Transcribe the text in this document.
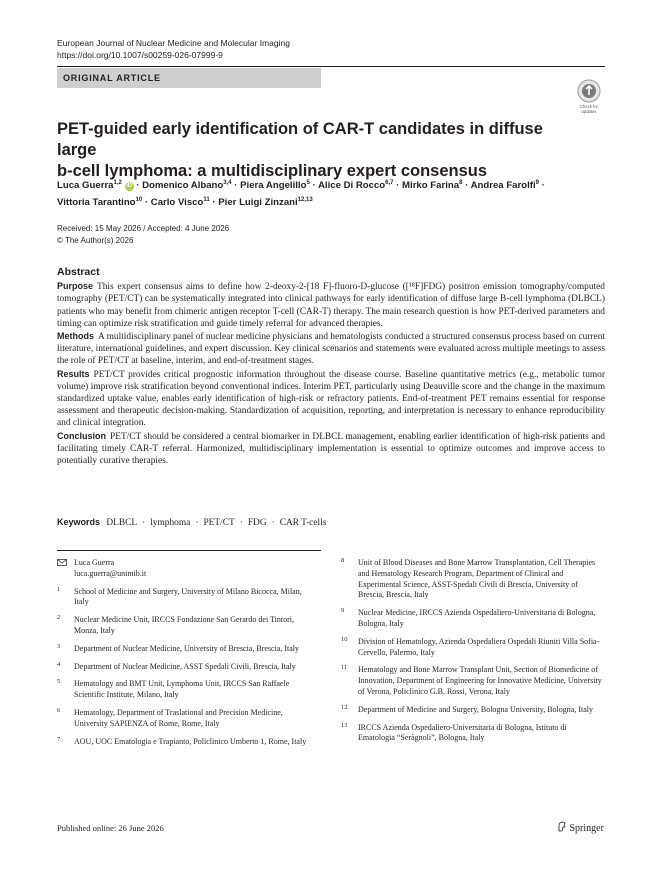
European Journal of Nuclear Medicine and Molecular Imaging
https://doi.org/10.1007/s00259-026-07999-9
ORIGINAL ARTICLE
Check for
updates
PET-guided early identification of CAR-T candidates in diffuse large
b-cell lymphoma: a multidisciplinary expert consensus
Luca Guerra$^{1,2}$ iD · Domenico Albano$^{3,4}$ · Piera Angelillo$^5$ · Alice Di Rocco$^{6,7}$ · Mirko Farina$^8$ · Andrea Farolfi$^9$ ·
Vittoria Tarantino$^{10}$ · Carlo Visco$^{11}$ · Pier Luigi Zinzani$^{12,13}$
Received: 15 May 2026 / Accepted: 4 June 2026
© The Author(s) 2026
Abstract

Purpose This expert consensus aims to define how 2-deoxy-2-[18 F]-fluoro-D-glucose ([¹⁸F]FDG) positron emission tomography/computed tomography (PET/CT) can be systematically integrated into clinical pathways for early identification of diffuse large B-cell lymphoma (DLBCL) patients who may benefit from chimeric antigen receptor T-cell (CAR-T) therapy. The main research question is how PET-derived parameters and timing can optimize risk stratification and guide timely referral for advanced therapies.

Methods A multidisciplinary panel of nuclear medicine physicians and hematologists conducted a structured consensus process based on current literature, international guidelines, and expert discussion. Key clinical scenarios and statements were evaluated across multiple meetings to assess the role of PET/CT at baseline, interim, and end-of-treatment stages.

Results PET/CT provides critical prognostic information throughout the disease course. Baseline quantitative metrics (e.g., metabolic tumor volume) improve risk stratification beyond conventional indices. Interim PET, particularly using Deauville score and the change in the maximum standardized uptake value, enables early identification of high-risk or refractory patients. End-of-treatment PET remains essential for response assessment and therapeutic decision-making. Standardization of acquisition, reporting, and interpretation is necessary to enhance reproducibility and clinical integration.

Conclusion PET/CT should be considered a central biomarker in DLBCL management, enabling earlier identification of high-risk patients and facilitating timely CAR-T referral. Harmonized, multidisciplinary implementation is essential to optimize outcomes and improve access to potentially curative therapies.

Keywords DLBCL · lymphoma · PET/CT · FDG · CAR T-cells
Luca Guerra
luca.guerra@unimib.it
1 School of Medicine and Surgery, University of Milano Bicocca, Milan, Italy
2 Nuclear Medicine Unit, IRCCS Fondazione San Gerardo dei Tintori, Monza, Italy
3 Department of Nuclear Medicine, University of Brescia, Brescia, Italy
4 Department of Nuclear Medicine, ASST Spedali Civili, Brescia, Italy
5 Hematology and BMT Unit, Lymphoma Unit, IRCCS San Raffaele Scientific Institute, Milano, Italy
6 Hematology, Department of Traslational and Precision Medicine, University SAPIENZA of Rome, Rome, Italy
7 AOU, UOC Ematologia e Trapianto, Policlinico Umberto 1, Rome, Italy
8 Unit of Blood Diseases and Bone Marrow Transplantation, Cell Therapies and Hematology Research Program, Department of Clinical and Experimental Science, ASST-Spedali Civili di Brescia, University of Brescia, Brescia, Italy
9 Nuclear Medicine, IRCCS Azienda Ospedaliero-Universitaria di Bologna, Bologna, Italy
10 Division of Hematology, Azienda Ospedaliera Ospedali Riuniti Villa Sofia- Cervello, Palermo, Italy
11 Hematology and Bone Marrow Transplant Unit, Section of Biomedicine of Innovation, Department of Engineering for Innovative Medicine, University of Verona, Policlinico G.B. Rossi, Verona, Italy
12 Department of Medicine and Surgery, Bologna University, Bologna, Italy
13 IRCCS Azienda Ospedaliero-Universitaria di Bologna, Istituto di Ematologia “Seràgnoli”, Bologna, Italy
Published online: 26 June 2026	Springer
